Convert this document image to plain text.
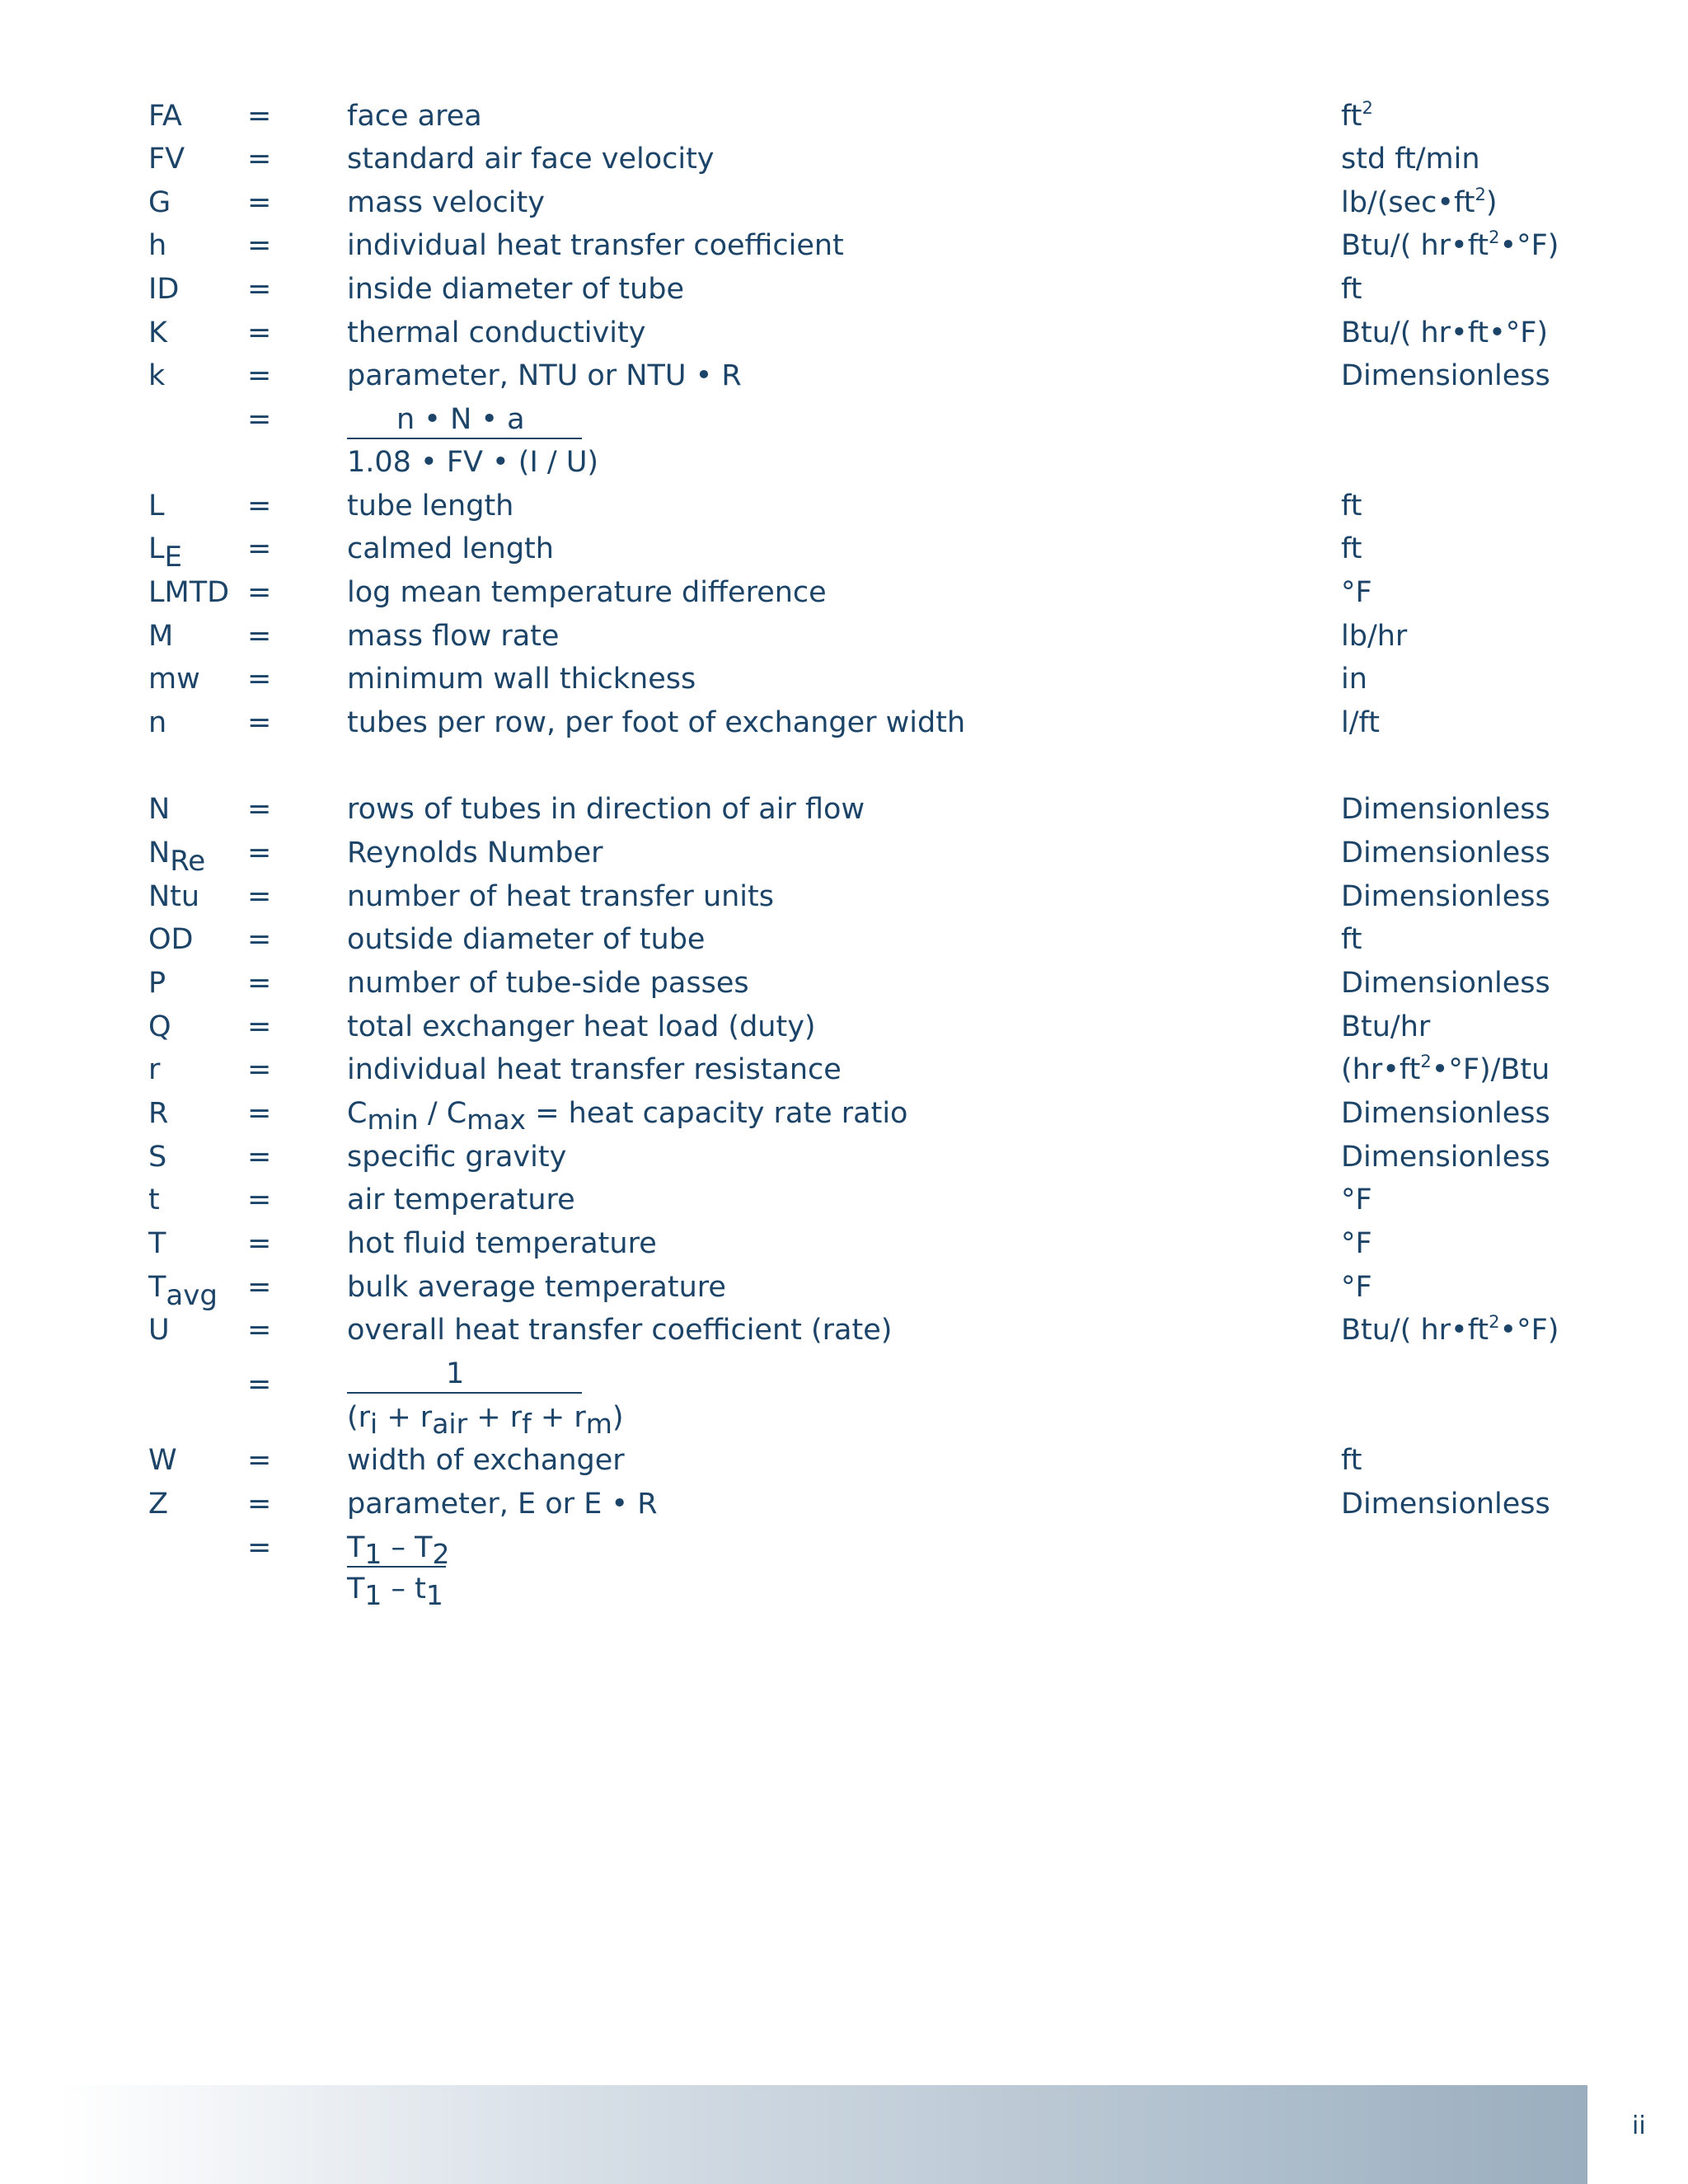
FA =	face area	$ft^2$
FV =	standard air face velocity	std ft/min
G	=	mass velocity	$lb/(\sec•ft^2)$
h	=	individual heat transfer coefficient	Btu/( $hr•ft^2•^\circ F$)
ID =	inside diameter of tube	ft
K	=	thermal conductivity	Btu/( hr•ft•°F)
k	=	parameter, NTU or NTU • R	Dimensionless
=	n • N • a
1.08 • FV • (I / U)
L	=	tube length	ft
LE =	calmed length	ft
LMTD =	log mean temperature difference	°F
M	=	mass flow rate	lb/hr
mw =	minimum wall thickness	in
n	=	tubes per row, per foot of exchanger width	l/ft
N	=	rows of tubes in direction of air flow	Dimensionless
NRe =	Reynolds Number	Dimensionless
Ntu =	number of heat transfer units	Dimensionless
OD =	outside diameter of tube	ft
P	=	number of tube-side passes	Dimensionless
Q	=	total exchanger heat load (duty)	Btu/hr
r	=	individual heat transfer resistance	$(hr•ft^2•^\circ F)$/Btu
R	=	Cmin / Cmax = heat capacity rate ratio	Dimensionless
S	=	specific gravity	Dimensionless
t	=	air temperature	°F
T	=	hot fluid temperature	°F
Tavg =	bulk average temperature	°F
U	=	overall heat transfer coefficient (rate)	Btu/( $hr•ft^2•^\circ F$)
1
=
(ri + rair + rf + rm)
W =	width of exchanger	ft
Z	=	parameter, E or E • R	Dimensionless
=	T1 – T2
T1 – t1
ii
